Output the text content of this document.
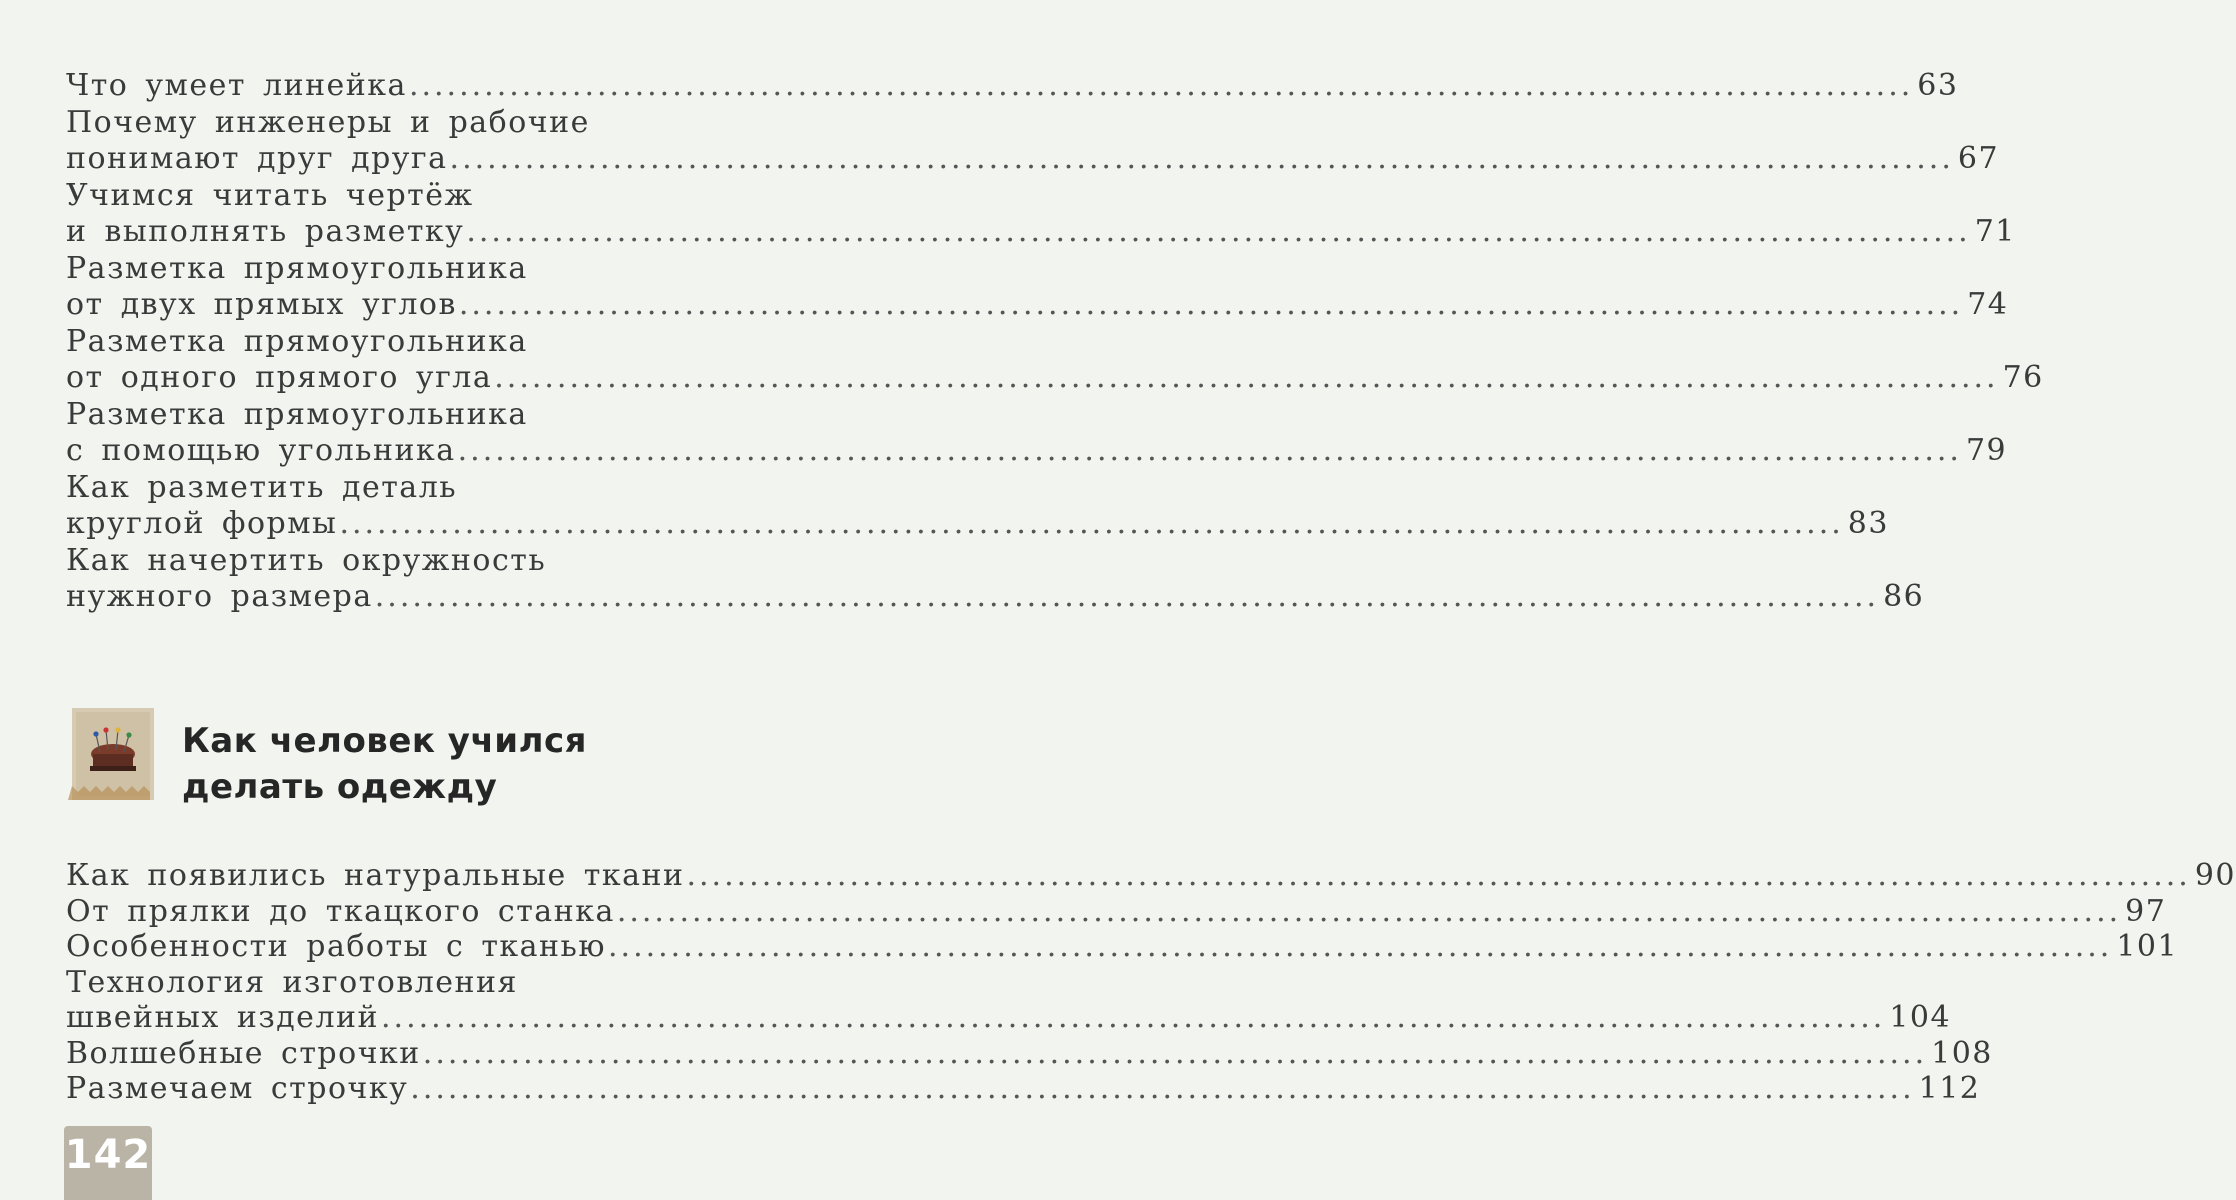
Что умеет линейка ........................................................................................................................ 63
Почему инженеры и рабочие
понимают друг друга ........................................................................................................................ 67
Учимся читать чертёж
и выполнять разметку ........................................................................................................................ 71
Разметка прямоугольника
от двух прямых углов ........................................................................................................................ 74
Разметка прямоугольника
от одного прямого угла ........................................................................................................................ 76
Разметка прямоугольника
с помощью угольника ........................................................................................................................ 79
Как разметить деталь
круглой формы ........................................................................................................................ 83
Как начертить окружность
нужного размера ........................................................................................................................ 86
Как человек учился
делать одежду
Как появились натуральные ткани ........................................................................................................................ 90
От прялки до ткацкого станка ........................................................................................................................ 97
Особенности работы с тканью ........................................................................................................................ 101
Технология изготовления
швейных изделий ........................................................................................................................ 104
Волшебные строчки ........................................................................................................................ 108
Размечаем строчку ........................................................................................................................ 112
142
